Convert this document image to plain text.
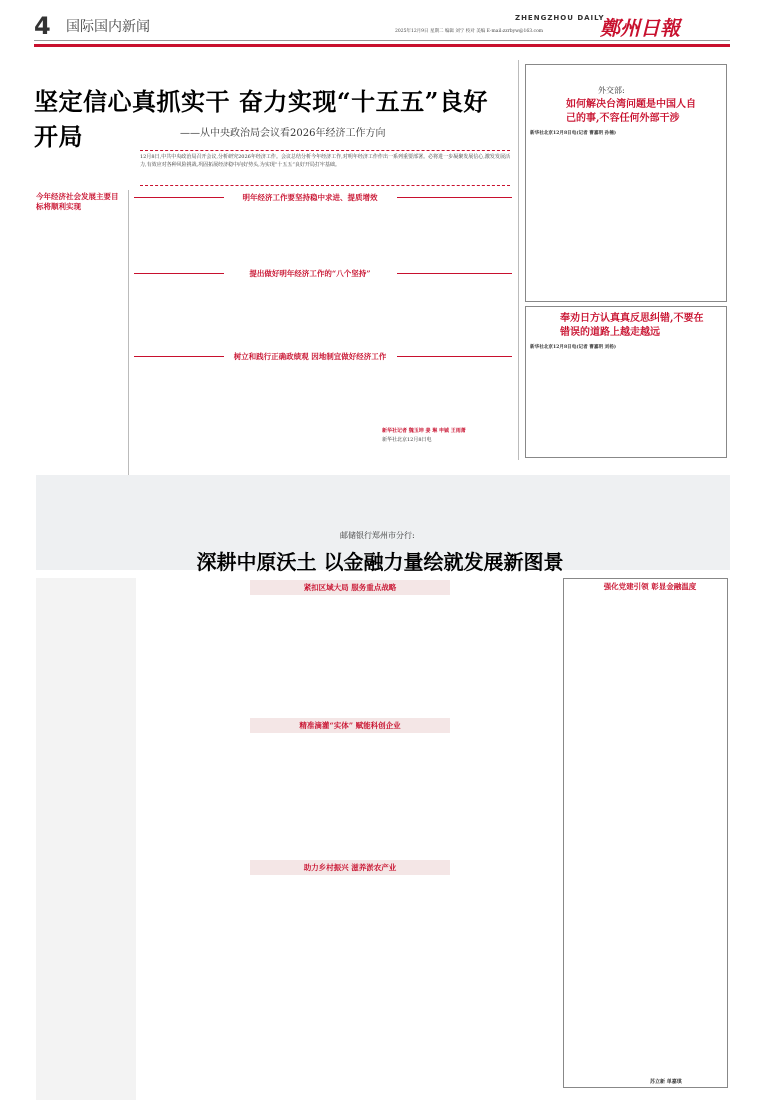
4 国际国内新闻
ZHENGZHOU DAILY
鄭州日報
2025年12月9日 星期二 编辑 刘宁 校对 美编 E-mail:zzrbyw@163.com
坚定信心真抓实干 奋力实现“十五五”良好开局	——从中央政治局会议看2026年经济工作方向
12月8日,中共中央政治局召开会议,分析研究2026年经济工作。会议总结分析今年经济工作,对明年经济工作作出一系列重要部署。必将进一步凝聚发展信心,激发发展活力,有效应对各种风险挑战,巩固拓展经济稳中向好势头,为实现“十五五”良好开局打牢基础。
今年经济社会发展主要目标将顺利实现
明年经济工作要坚持稳中求进、提质增效
提出做好明年经济工作的“八个坚持”
树立和践行正确政绩观 因地制宜做好经济工作
新华社记者 魏玉坤 姜 琳 申铖 王雨萧
新华社北京12月8日电
外交部:
如何解决台湾问题是中国人自己的事,不容任何外部干涉
新华社北京12月8日电(记者 曹嘉玥 孙楠)
奉劝日方认真真反思纠错,不要在错误的道路上越走越远
新华社北京12月8日电(记者 曹嘉玥 刘杨)
邮储银行郑州市分行:
深耕中原沃土 以金融力量绘就发展新图景
紧扣区域大局 服务重点战略
精准滴灌“实体” 赋能科创企业
助力乡村振兴 滋养淤农产业
强化党建引领 彰显金融温度
苏立新 单嘉琪
